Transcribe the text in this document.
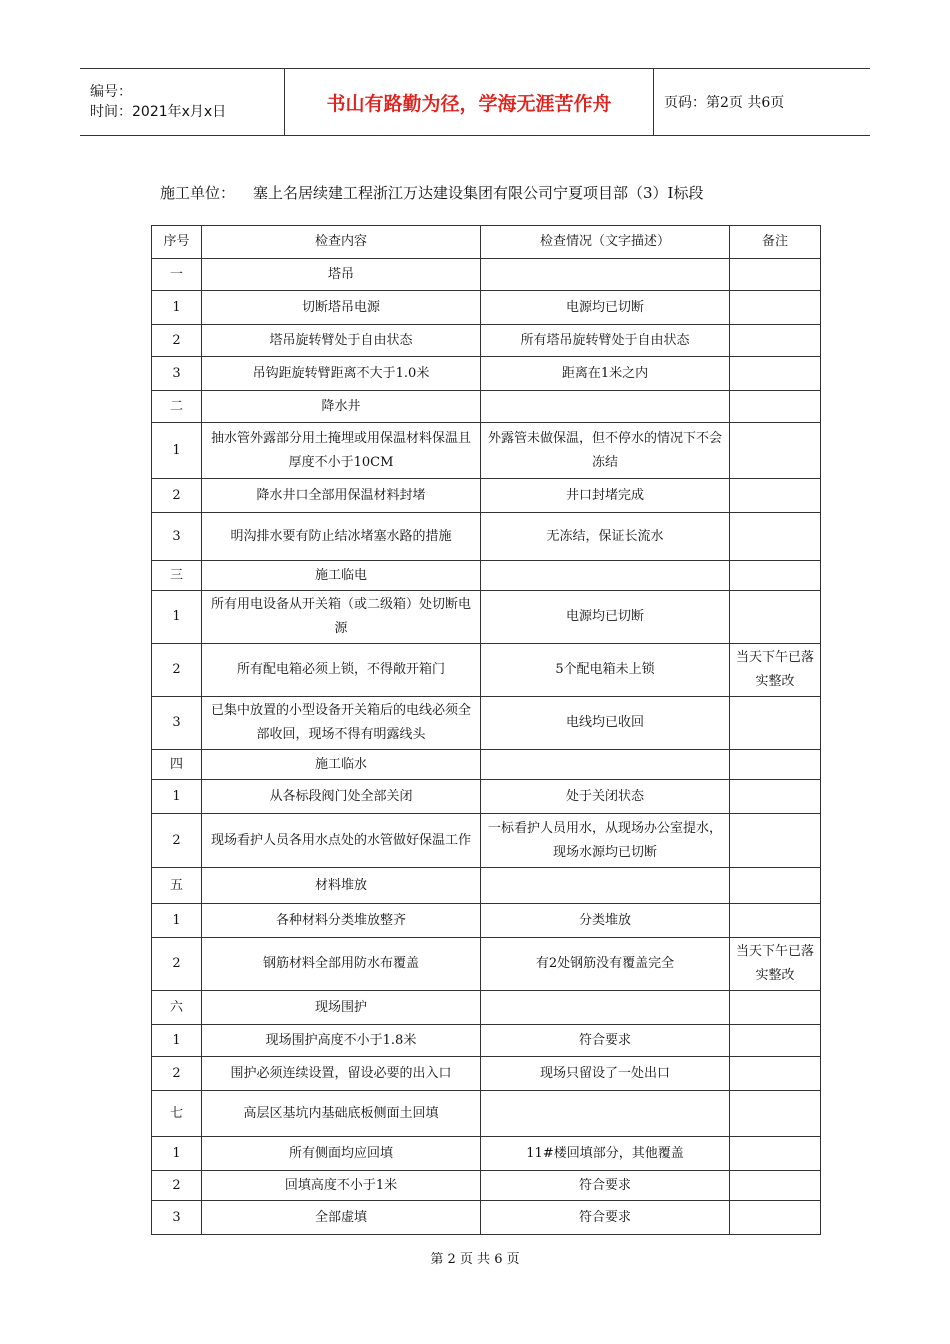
编号：
时间：2021年x月x日	书山有路勤为径，学海无涯苦作舟	页码：第2页 共6页
施工单位： 塞上名居续建工程浙江万达建设集团有限公司宁夏项目部（3）Ⅰ标段
序号	检查内容	检查情况（文字描述）	备注
一	塔吊		
1	切断塔吊电源	电源均已切断	
2	塔吊旋转臂处于自由状态	所有塔吊旋转臂处于自由状态	
3	吊钩距旋转臂距离不大于1.0米	距离在1米之内	
二	降水井		
1	抽水管外露部分用土掩埋或用保温材料保温且厚度不小于10CM	外露管未做保温，但不停水的情况下不会冻结	
2	降水井口全部用保温材料封堵	井口封堵完成	
3	明沟排水要有防止结冰堵塞水路的措施	无冻结，保证长流水	
三	施工临电		
1	所有用电设备从开关箱（或二级箱）处切断电源	电源均已切断	
2	所有配电箱必须上锁，不得敞开箱门	5个配电箱未上锁	当天下午已落实整改
3	已集中放置的小型设备开关箱后的电线必须全部收回，现场不得有明露线头	电线均已收回	
四	施工临水		
1	从各标段阀门处全部关闭	处于关闭状态	
2	现场看护人员各用水点处的水管做好保温工作	一标看护人员用水，从现场办公室提水，现场水源均已切断	
五	材料堆放		
1	各种材料分类堆放整齐	分类堆放	
2	钢筋材料全部用防水布覆盖	有2处钢筋没有覆盖完全	当天下午已落实整改
六	现场围护		
1	现场围护高度不小于1.8米	符合要求	
2	围护必须连续设置，留设必要的出入口	现场只留设了一处出口	
七	高层区基坑内基础底板侧面土回填		
1	所有侧面均应回填	11#楼回填部分，其他覆盖	
2	回填高度不小于1米	符合要求	
3	全部虚填	符合要求	
第 2 页 共 6 页
